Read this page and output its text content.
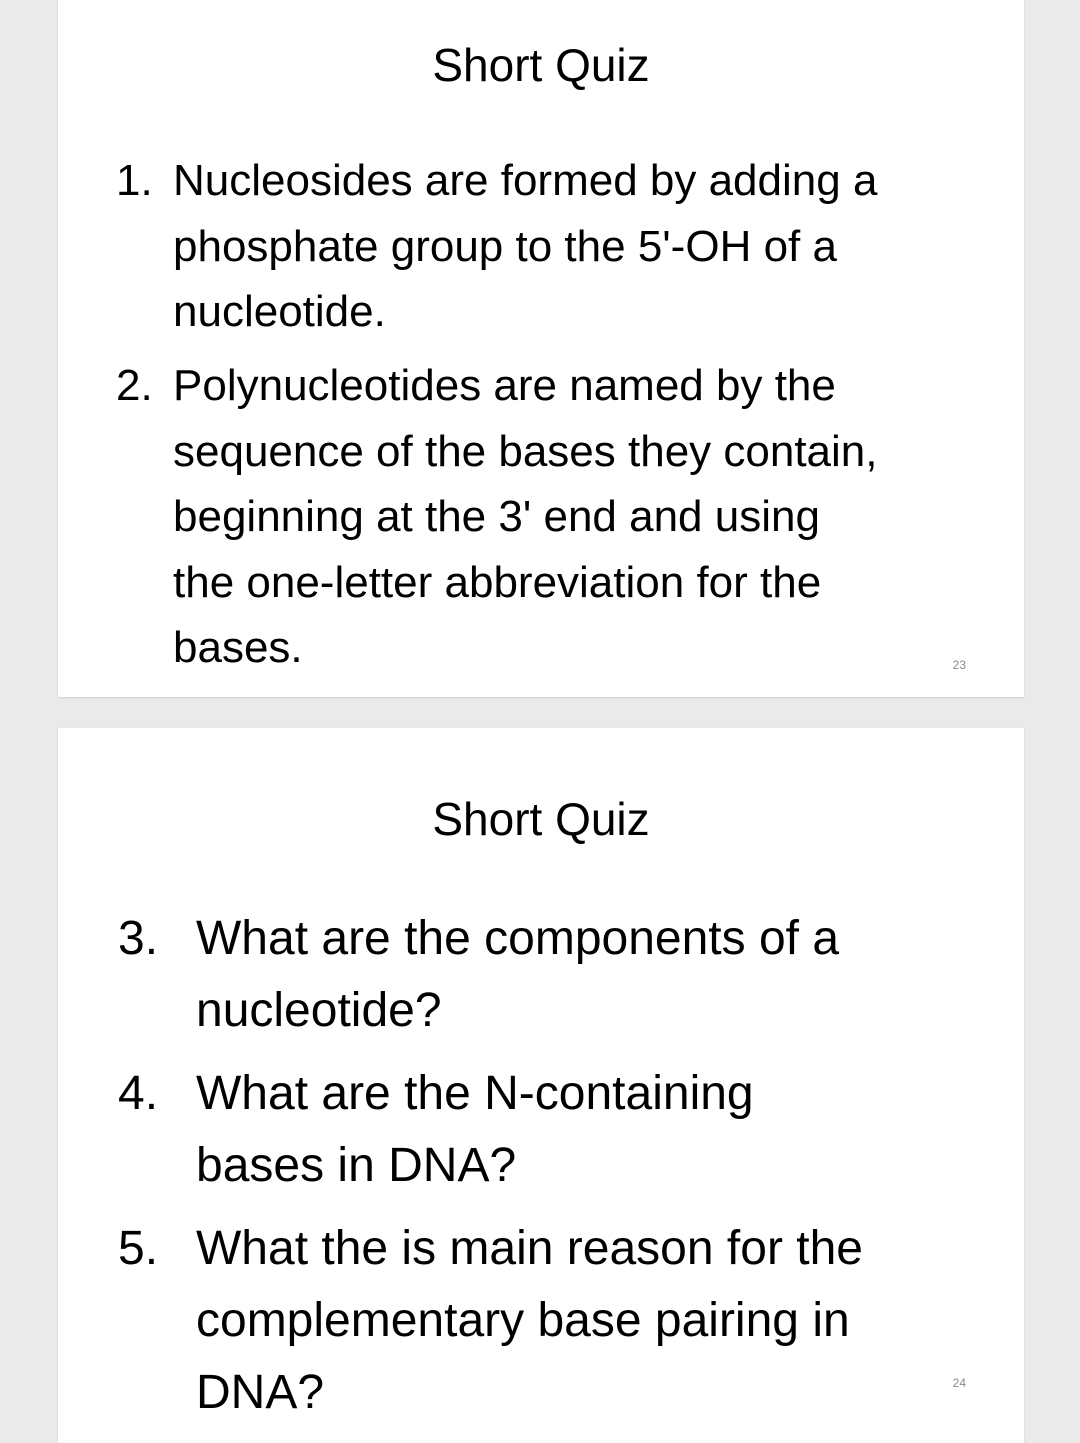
Short Quiz
1. Nucleosides are formed by adding a
phosphate group to the 5'-OH of a
nucleotide.
2. Polynucleotides are named by the
sequence of the bases they contain,
beginning at the 3' end and using
the one-letter abbreviation for the
bases.	23
Short Quiz
3. What are the components of a
nucleotide?
4. What are the N-containing
bases in DNA?
5. What the is main reason for the
complementary base pairing in
DNA?	24
